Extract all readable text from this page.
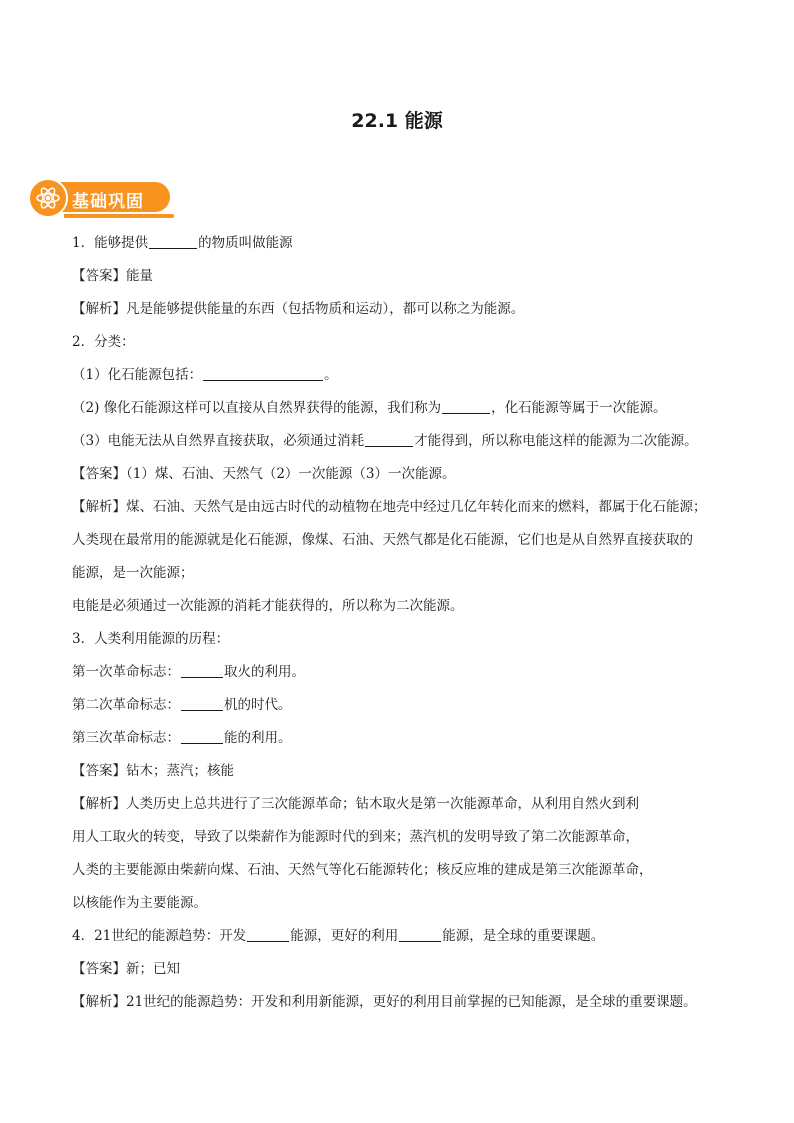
22.1 能源
基础巩固
1．能够提供	的物质叫做能源
【答案】能量
【解析】凡是能够提供能量的东西（包括物质和运动），都可以称之为能源。
2．分类：
（1）化石能源包括：	。
（2) 像化石能源这样可以直接从自然界获得的能源，我们称为	，化石能源等属于一次能源。
（3）电能无法从自然界直接获取，必须通过消耗	才能得到，所以称电能这样的能源为二次能源。
【答案】（1）煤、石油、天然气（2）一次能源（3）一次能源。
【解析】煤、石油、天然气是由远古时代的动植物在地壳中经过几亿年转化而来的燃料，都属于化石能源；
人类现在最常用的能源就是化石能源，像煤、石油、天然气都是化石能源，它们也是从自然界直接获取的
能源，是一次能源；
电能是必须通过一次能源的消耗才能获得的，所以称为二次能源。
3．人类利用能源的历程：
第一次革命标志：	取火的利用。
第二次革命标志：	机的时代。
第三次革命标志：	能的利用。
【答案】钻木；蒸汽；核能
【解析】人类历史上总共进行了三次能源革命；钻木取火是第一次能源革命，从利用自然火到利
用人工取火的转变，导致了以柴薪作为能源时代的到来；蒸汽机的发明导致了第二次能源革命，
人类的主要能源由柴薪向煤、石油、天然气等化石能源转化；核反应堆的建成是第三次能源革命，
以核能作为主要能源。
4．21世纪的能源趋势：开发	能源，更好的利用	能源，是全球的重要课题。
【答案】新；已知
【解析】21世纪的能源趋势：开发和利用新能源，更好的利用目前掌握的已知能源，是全球的重要课题。
